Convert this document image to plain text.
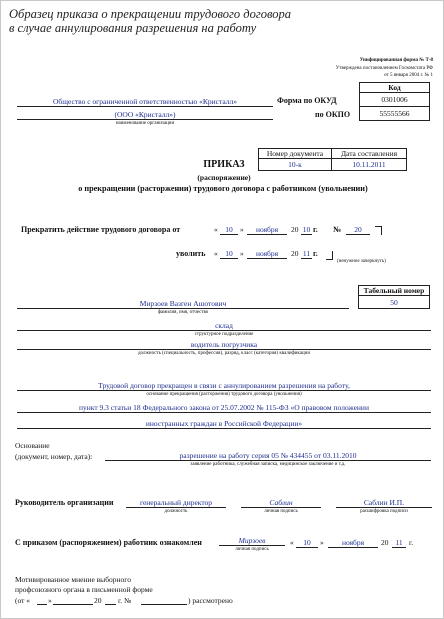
Образец приказа о прекращении трудового договора
в случае аннулирования разрешения на работу
Унифицированная форма № Т-8
Утверждена постановлением Госкомстата РФ
от 5 января 2004 г. № 1
Код
0301006
55555566
Форма по ОКУД
по ОКПО
Общество с ограниченной ответственностью «Кристалл»
(ООО «Кристалл»)
наименование организации
Номер документа	Дата составления
10-к	10.11.2011
ПРИКАЗ
(распоряжение)
о прекращении (расторжении) трудового договора с работником (увольнении)
Прекратить действие трудового договора от	«	10 »	ноября	20 10 г. №	20
уволить «	10 »	ноября	20 11 г.
(ненужное зачеркнуть)
Табельный номер
50
Мирзоев Вазген Ашотович
фамилия, имя, отчество
склад
структурное подразделение
водитель погрузчика
должность (специальность, профессия), разряд, класс (категория) квалификации
Трудовой договор прекращен в связи с аннулированием разрешения на работу,
основание прекращения (расторжения) трудового договора (увольнения)
пункт 9.3 статьи 18 Федерального закона от 25.07.2002 № 115-ФЗ «О правовом положении
иностранных граждан в Российской Федерации»
Основание
(документ, номер, дата):	разрешение на работу серия 05 № 434455 от 03.11.2010
заявление работника, служебная записка, медицинское заключение и т.д.
Руководитель организации	генеральный директор
должность
Саблин
личная подпись
Саблин И.П.
расшифровка подписи
С приказом (распоряжением) работник ознакомлен	Мирзоев
личная подпись
«	10	»	ноября	20 11 г.
Мотивированное мнение выборного
профсоюзного органа в письменной форме
(от « »	20 г. №	) рассмотрено
